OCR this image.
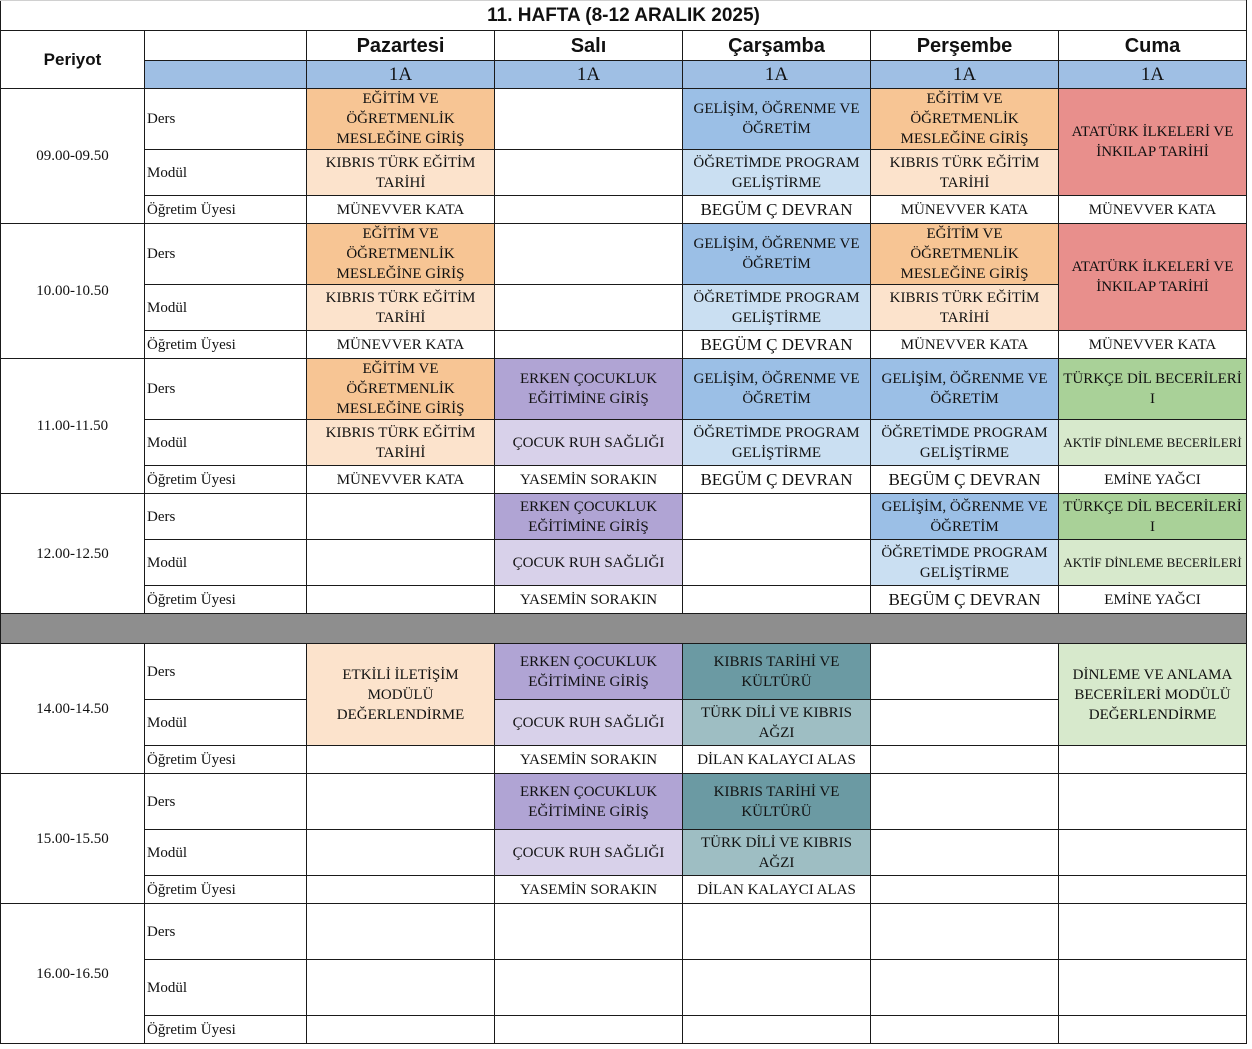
11. HAFTA (8-12 ARALIK 2025)						
Periyot		Pazartesi	Salı	Çarşamba	Perşembe	Cuma
		1A	1A	1A	1A	1A
09.00-09.50	Ders	EĞİTİM VE ÖĞRETMENLİK MESLEĞİNE GİRİŞ		GELİŞİM, ÖĞRENME VE ÖĞRETİM	EĞİTİM VE ÖĞRETMENLİK MESLEĞİNE GİRİŞ	ATATÜRK İLKELERİ VE İNKILAP TARİHİ
	Modül	KIBRIS TÜRK EĞİTİM TARİHİ		ÖĞRETİMDE PROGRAM GELİŞTİRME	KIBRIS TÜRK EĞİTİM TARİHİ	
	Öğretim Üyesi	MÜNEVVER KATA		BEGÜM Ç DEVRAN	MÜNEVVER KATA	MÜNEVVER KATA
10.00-10.50	Ders	EĞİTİM VE ÖĞRETMENLİK MESLEĞİNE GİRİŞ		GELİŞİM, ÖĞRENME VE ÖĞRETİM	EĞİTİM VE ÖĞRETMENLİK MESLEĞİNE GİRİŞ	ATATÜRK İLKELERİ VE İNKILAP TARİHİ
	Modül	KIBRIS TÜRK EĞİTİM TARİHİ		ÖĞRETİMDE PROGRAM GELİŞTİRME	KIBRIS TÜRK EĞİTİM TARİHİ	
	Öğretim Üyesi	MÜNEVVER KATA		BEGÜM Ç DEVRAN	MÜNEVVER KATA	MÜNEVVER KATA
11.00-11.50	Ders	EĞİTİM VE ÖĞRETMENLİK MESLEĞİNE GİRİŞ	ERKEN ÇOCUKLUK EĞİTİMİNE GİRİŞ	GELİŞİM, ÖĞRENME VE ÖĞRETİM	GELİŞİM, ÖĞRENME VE ÖĞRETİM	TÜRKÇE DİL BECERİLERİ I
	Modül	KIBRIS TÜRK EĞİTİM TARİHİ	ÇOCUK RUH SAĞLIĞI	ÖĞRETİMDE PROGRAM GELİŞTİRME	ÖĞRETİMDE PROGRAM GELİŞTİRME	AKTİF DİNLEME BECERİLERİ
	Öğretim Üyesi	MÜNEVVER KATA	YASEMİN SORAKIN	BEGÜM Ç DEVRAN	BEGÜM Ç DEVRAN	EMİNE YAĞCI
12.00-12.50	Ders		ERKEN ÇOCUKLUK EĞİTİMİNE GİRİŞ		GELİŞİM, ÖĞRENME VE ÖĞRETİM	TÜRKÇE DİL BECERİLERİ I
	Modül		ÇOCUK RUH SAĞLIĞI		ÖĞRETİMDE PROGRAM GELİŞTİRME	AKTİF DİNLEME BECERİLERİ
	Öğretim Üyesi		YASEMİN SORAKIN		BEGÜM Ç DEVRAN	EMİNE YAĞCI

14.00-14.50	Ders	ETKİLİ İLETİŞİM MODÜLÜ DEĞERLENDİRME	ERKEN ÇOCUKLUK EĞİTİMİNE GİRİŞ	KIBRIS TARİHİ VE KÜLTÜRÜ		DİNLEME VE ANLAMA BECERİLERİ MODÜLÜ DEĞERLENDİRME
	Modül		ÇOCUK RUH SAĞLIĞI	TÜRK DİLİ VE KIBRIS AĞZI		
	Öğretim Üyesi		YASEMİN SORAKIN	DİLAN KALAYCI ALAS		
15.00-15.50	Ders		ERKEN ÇOCUKLUK EĞİTİMİNE GİRİŞ	KIBRIS TARİHİ VE KÜLTÜRÜ		
	Modül		ÇOCUK RUH SAĞLIĞI	TÜRK DİLİ VE KIBRIS AĞZI		
	Öğretim Üyesi		YASEMİN SORAKIN	DİLAN KALAYCI ALAS		
16.00-16.50	Ders					
	Modül					
	Öğretim Üyesi					
